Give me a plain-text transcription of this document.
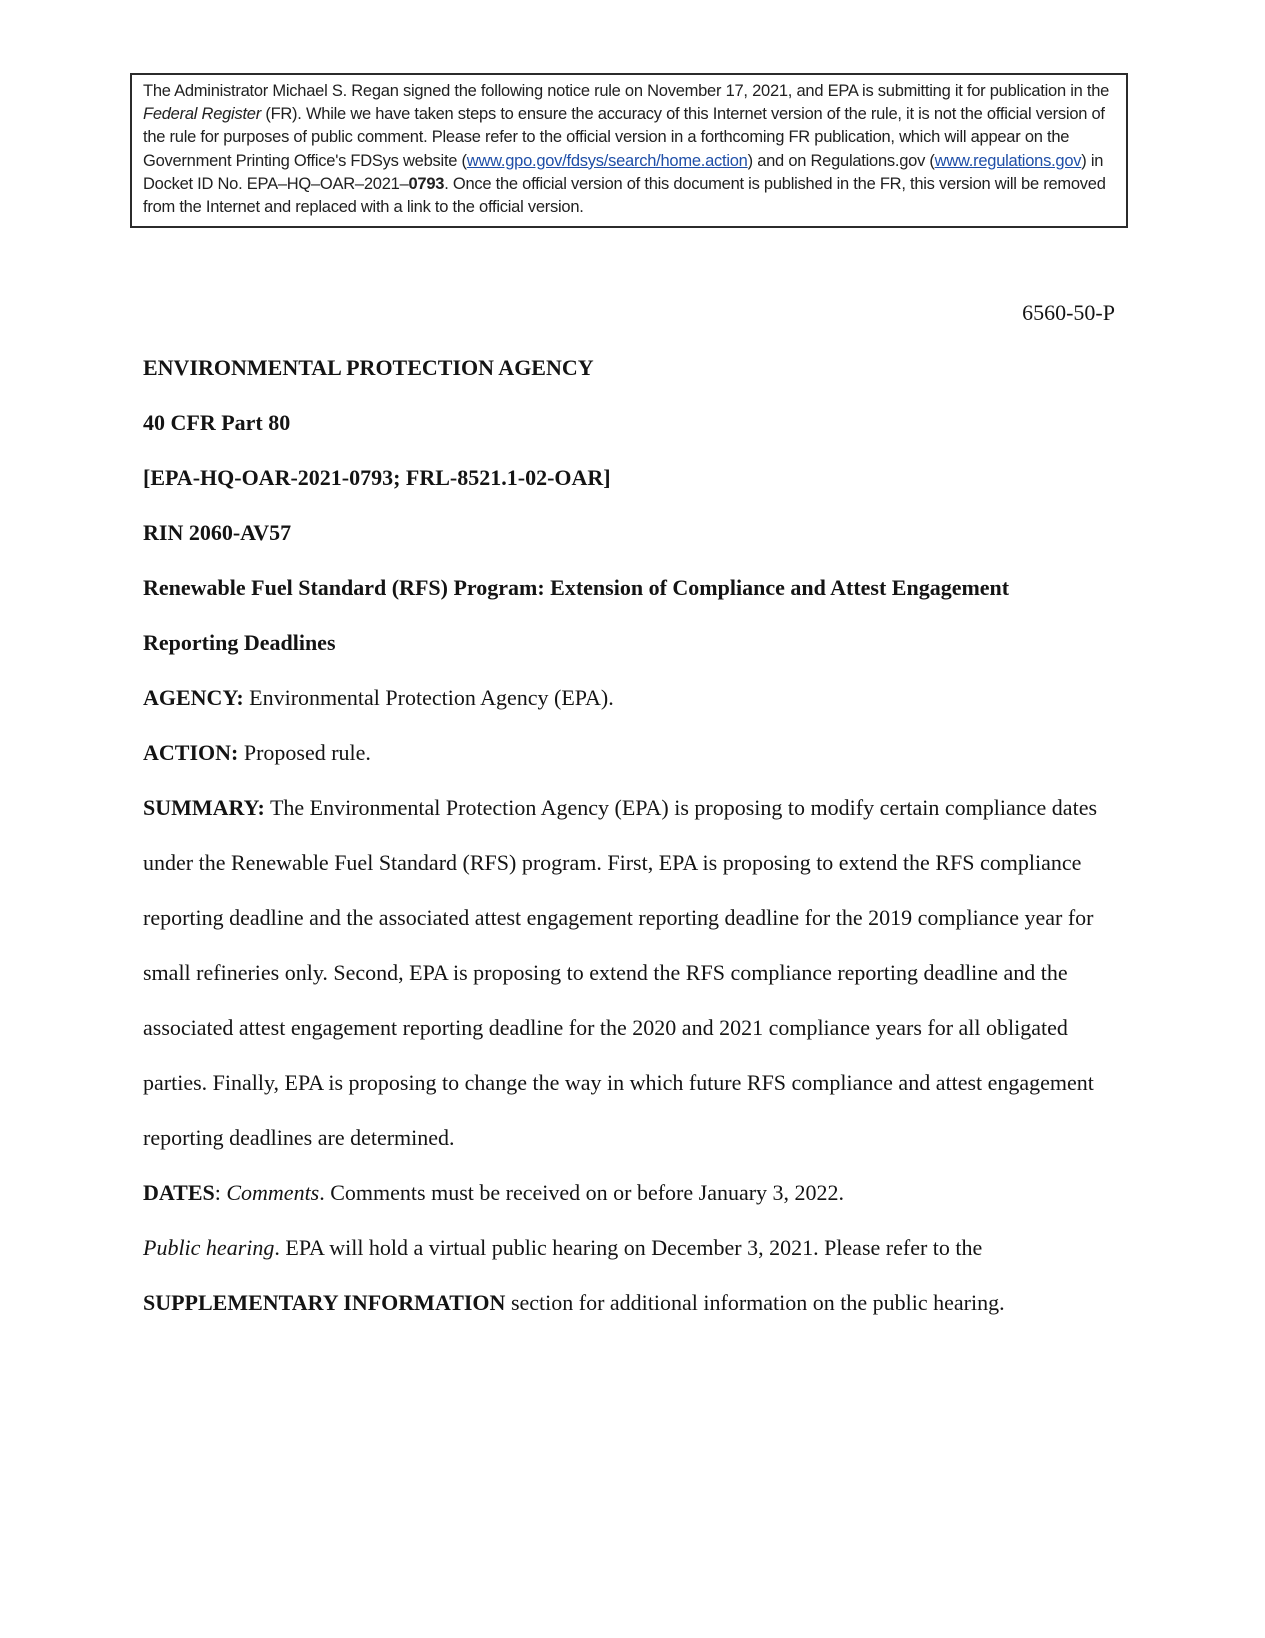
The Administrator Michael S. Regan signed the following notice rule on November 17, 2021, and EPA is submitting it for publication in the Federal Register (FR). While we have taken steps to ensure the accuracy of this Internet version of the rule, it is not the official version of the rule for purposes of public comment. Please refer to the official version in a forthcoming FR publication, which will appear on the Government Printing Office's FDSys website (www.gpo.gov/fdsys/search/home.action) and on Regulations.gov (www.regulations.gov) in Docket ID No. EPA–HQ–OAR–2021–0793. Once the official version of this document is published in the FR, this version will be removed from the Internet and replaced with a link to the official version.

6560-50-P

ENVIRONMENTAL PROTECTION AGENCY

40 CFR Part 80

[EPA-HQ-OAR-2021-0793; FRL-8521.1-02-OAR]

RIN 2060-AV57

Renewable Fuel Standard (RFS) Program: Extension of Compliance and Attest Engagement Reporting Deadlines

AGENCY: Environmental Protection Agency (EPA).

ACTION: Proposed rule.

SUMMARY: The Environmental Protection Agency (EPA) is proposing to modify certain compliance dates under the Renewable Fuel Standard (RFS) program. First, EPA is proposing to extend the RFS compliance reporting deadline and the associated attest engagement reporting deadline for the 2019 compliance year for small refineries only. Second, EPA is proposing to extend the RFS compliance reporting deadline and the associated attest engagement reporting deadline for the 2020 and 2021 compliance years for all obligated parties. Finally, EPA is proposing to change the way in which future RFS compliance and attest engagement reporting deadlines are determined.

DATES: Comments. Comments must be received on or before January 3, 2022.

Public hearing. EPA will hold a virtual public hearing on December 3, 2021. Please refer to the SUPPLEMENTARY INFORMATION section for additional information on the public hearing.
